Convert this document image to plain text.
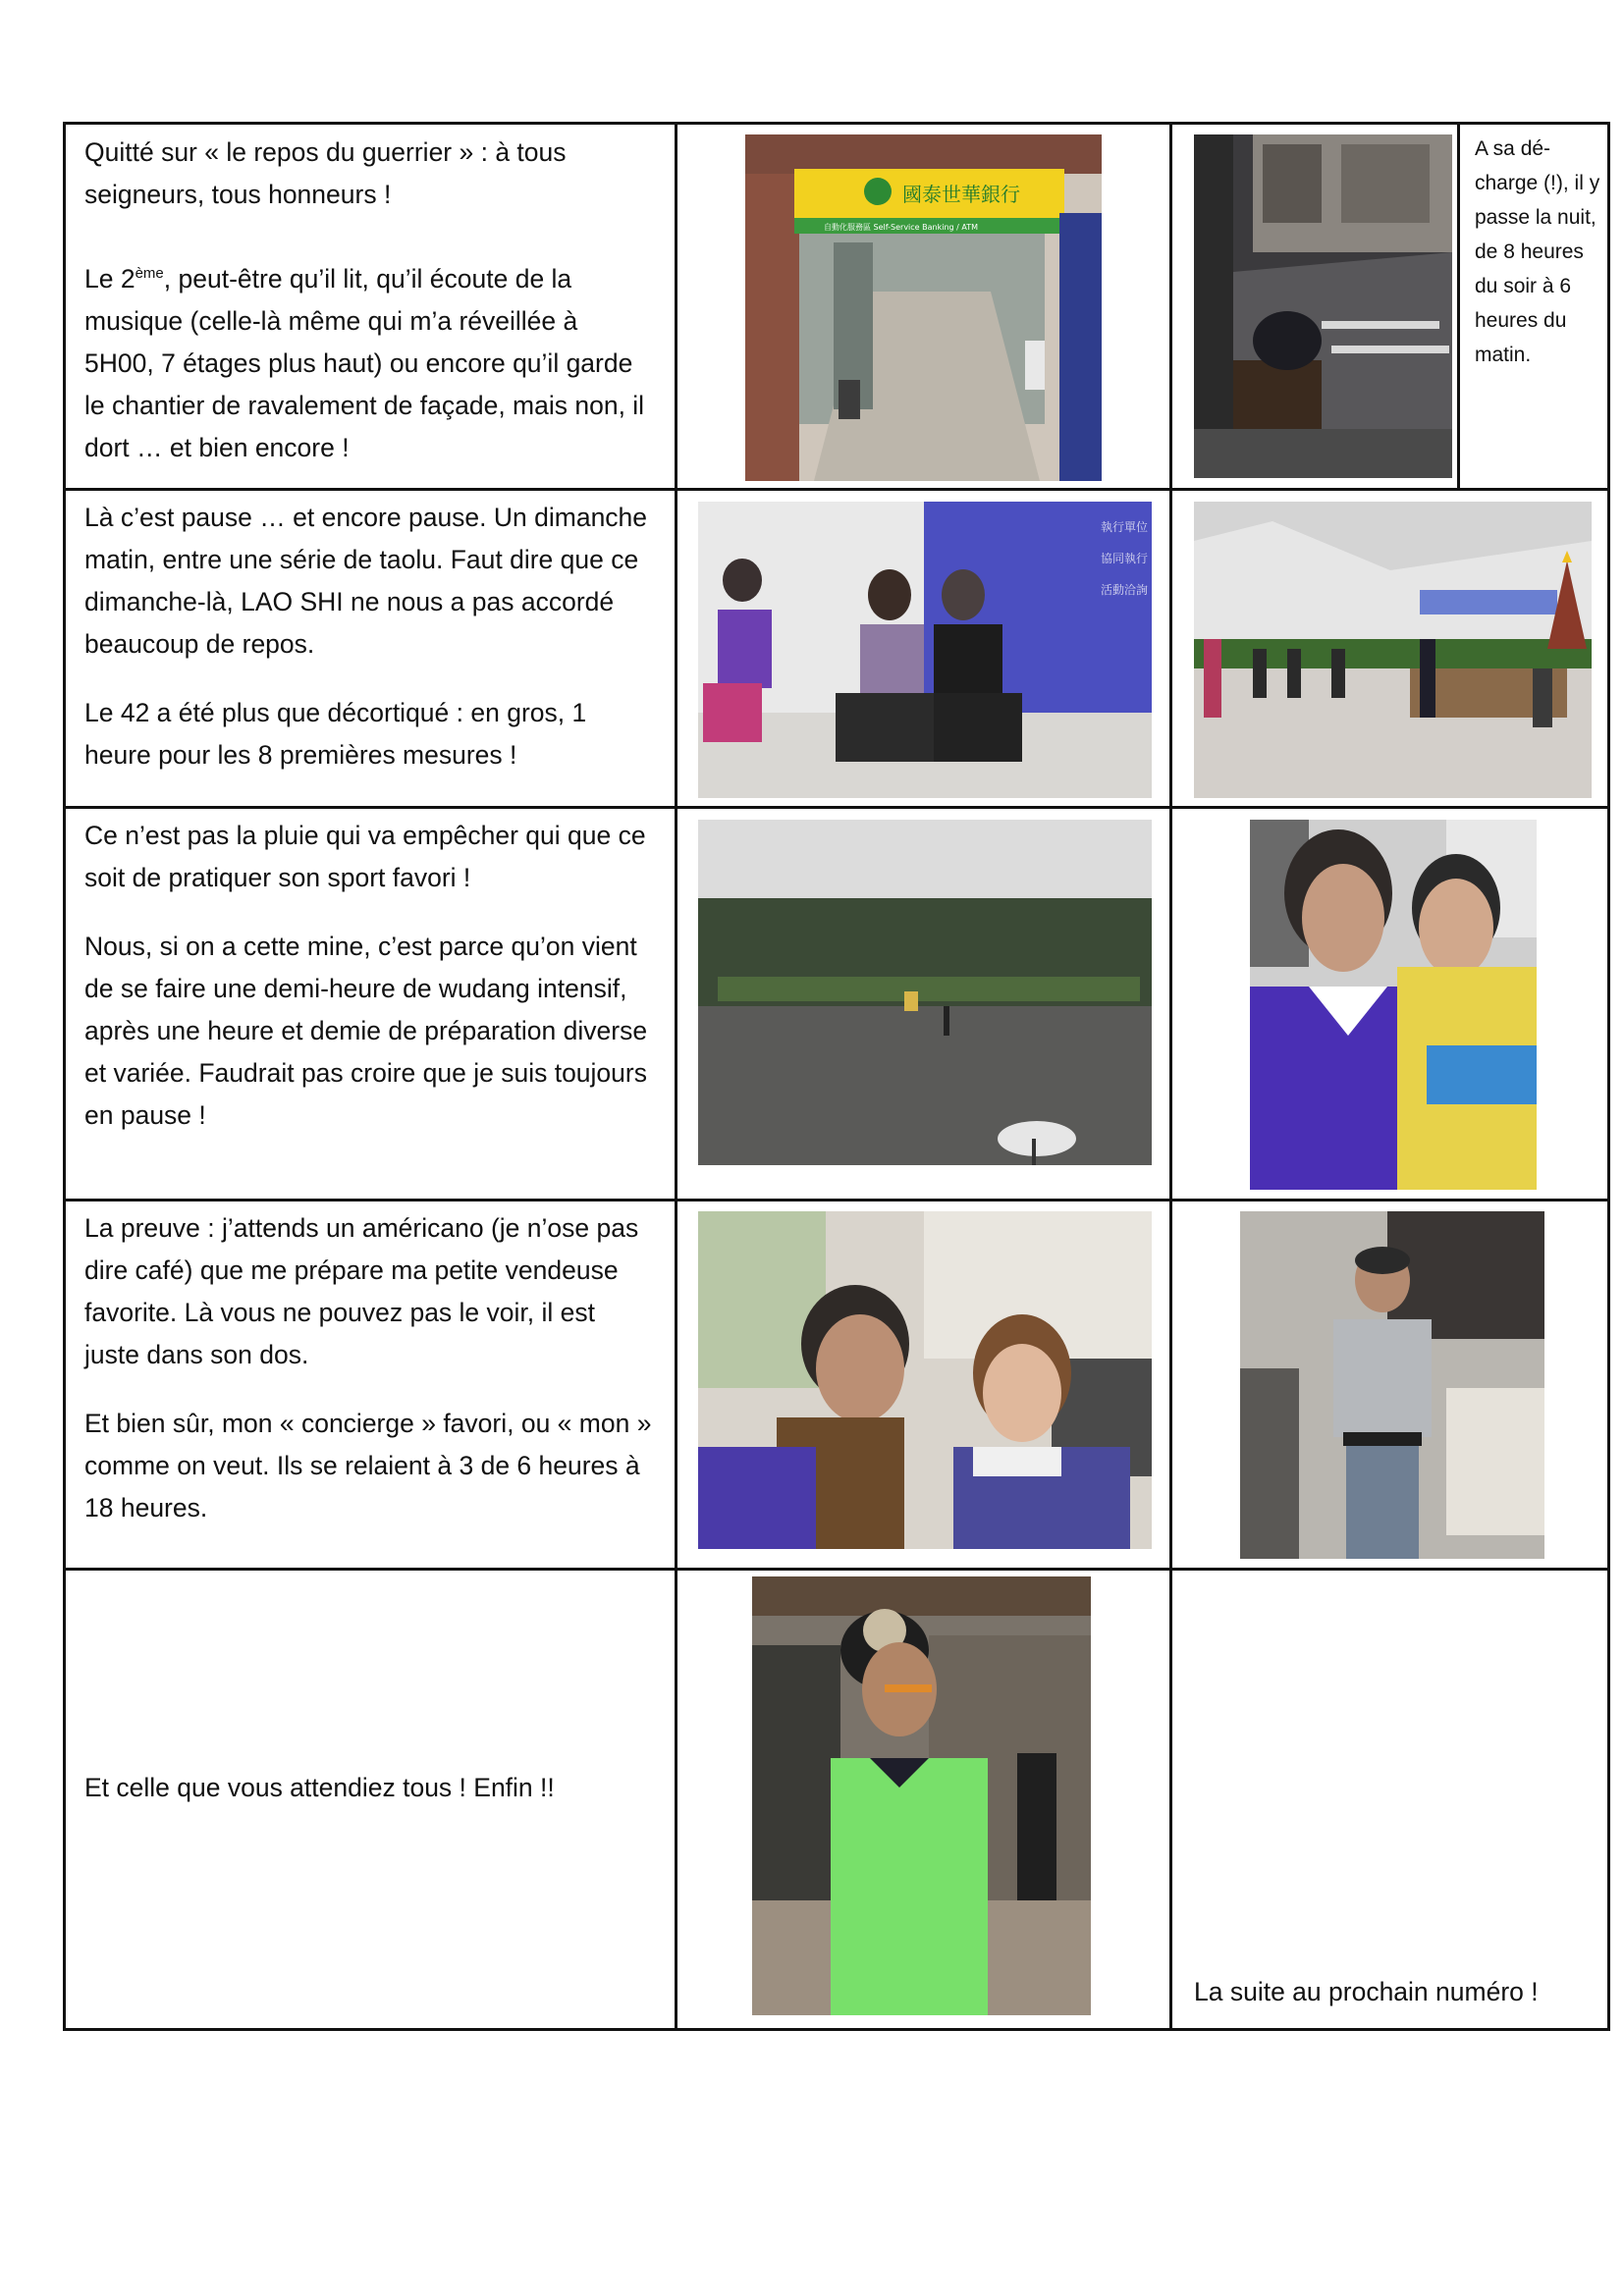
Quitté sur « le repos du guerrier » : à tous seigneurs, tous honneurs !

Le 2ème, peut-être qu’il lit, qu’il écoute de la musique (celle-là même qui m’a réveillée à 5H00, 7 étages plus haut) ou encore qu’il garde le chantier de ravalement de façade, mais non, il dort … et bien encore !

國泰世華銀行
自動化服務區 Self-Service Banking / ATM
A sa dé-charge (!), il y passe la nuit, de 8 heures du soir à 6 heures du matin.

Là c’est pause … et encore pause. Un dimanche matin, entre une série de taolu. Faut dire que ce dimanche-là, LAO SHI ne nous a pas accordé beaucoup de repos.

Le 42 a été plus que décortiqué : en gros, 1 heure pour les 8 premières mesures !

執行單位
協同執行
活動洽詢

Ce n’est pas la pluie qui va empêcher qui que ce soit de pratiquer son sport favori !

Nous, si on a cette mine, c’est parce qu’on vient de se faire une demi-heure de wudang intensif, après une heure et demie de préparation diverse et variée. Faudrait pas croire que je suis toujours en pause !

La preuve : j’attends un américano (je n’ose pas dire café) que me prépare ma petite vendeuse favorite. Là vous ne pouvez pas le voir, il est juste dans son dos.

Et bien sûr, mon « concierge » favori, ou « mon » comme on veut. Ils se relaient à 3 de 6 heures à 18 heures.

Et celle que vous attendiez tous ! Enfin !!

La suite au prochain numéro !
